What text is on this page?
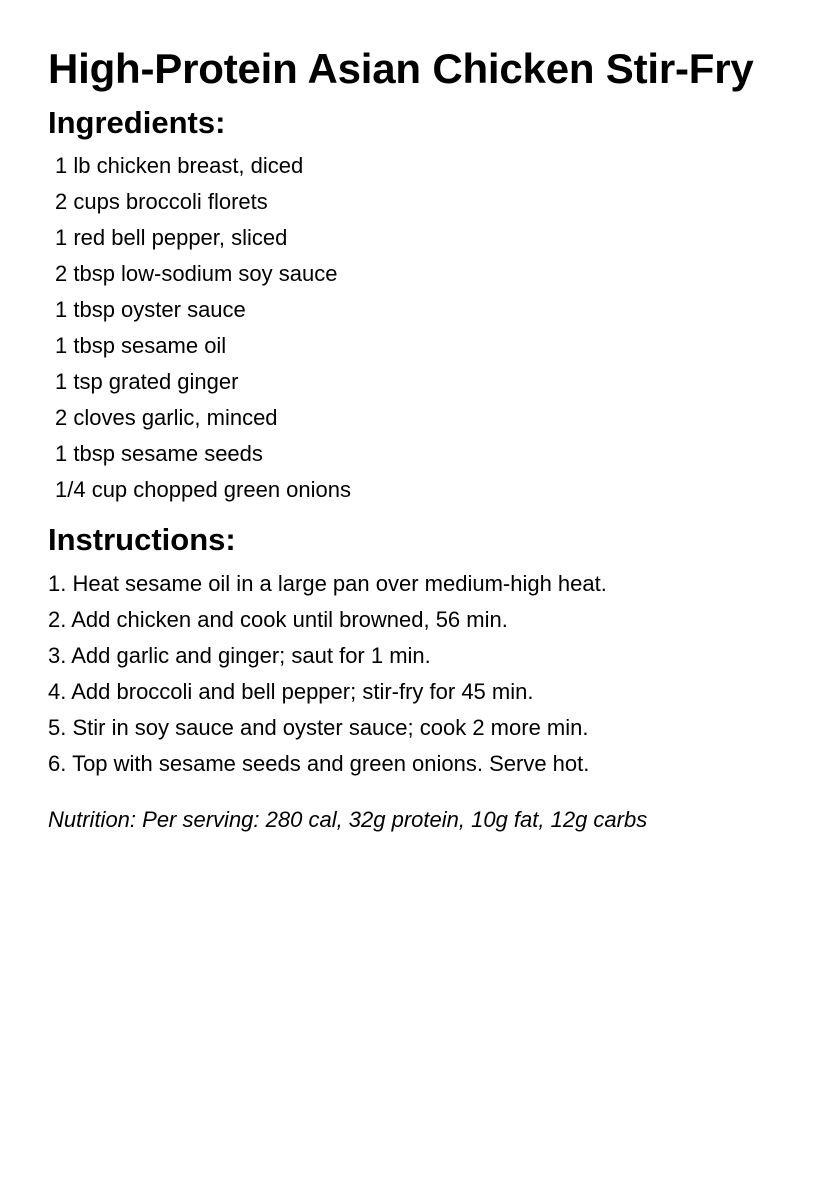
High-Protein Asian Chicken Stir-Fry
Ingredients:
1 lb chicken breast, diced
2 cups broccoli florets
1 red bell pepper, sliced
2 tbsp low-sodium soy sauce
1 tbsp oyster sauce
1 tbsp sesame oil
1 tsp grated ginger
2 cloves garlic, minced
1 tbsp sesame seeds
1/4 cup chopped green onions
Instructions:
1. Heat sesame oil in a large pan over medium-high heat.
2. Add chicken and cook until browned, 56 min.
3. Add garlic and ginger; saut for 1 min.
4. Add broccoli and bell pepper; stir-fry for 45 min.
5. Stir in soy sauce and oyster sauce; cook 2 more min.
6. Top with sesame seeds and green onions. Serve hot.

Nutrition: Per serving: 280 cal, 32g protein, 10g fat, 12g carbs
